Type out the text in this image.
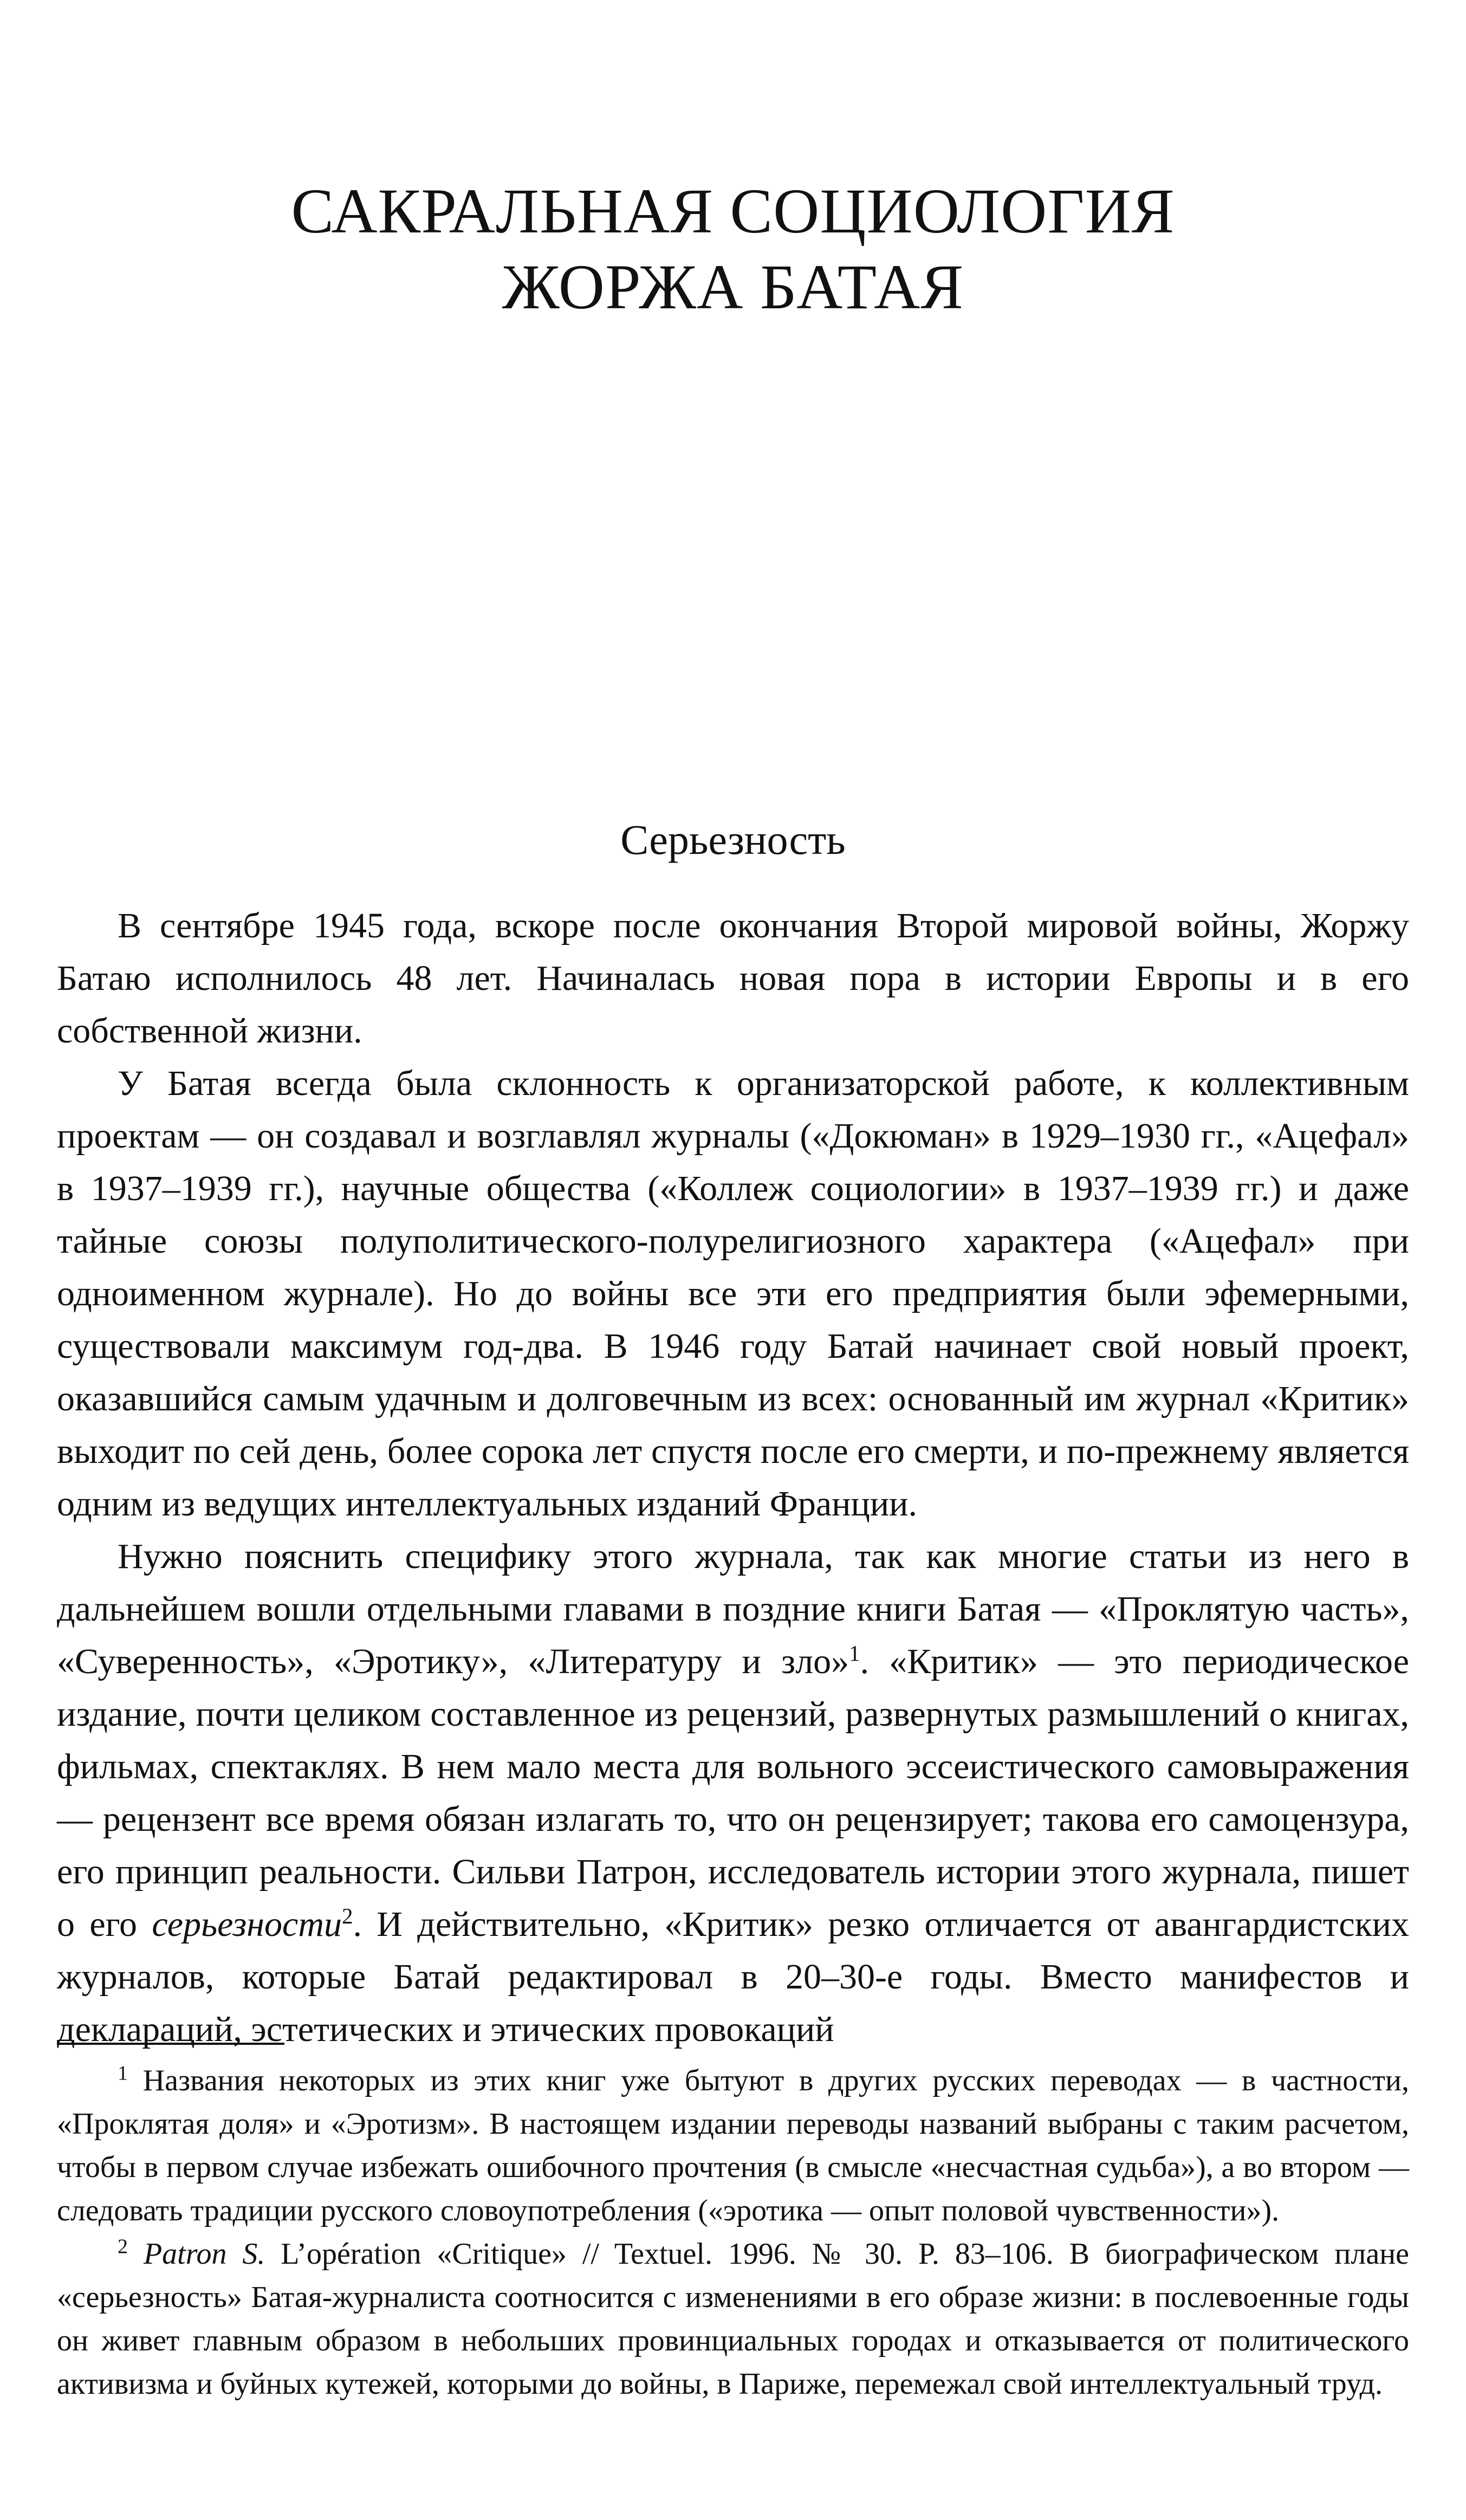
САКРАЛЬНАЯ СОЦИОЛОГИЯ
ЖОРЖА БАТАЯ
Серьезность

В сентябре 1945 года, вскоре после окончания Второй мировой войны, Жоржу Батаю исполнилось 48 лет. Начиналась новая пора в истории Европы и в его собственной жизни.

У Батая всегда была склонность к организаторской работе, к коллективным проектам — он создавал и возглавлял журналы («Докюман» в 1929–1930 гг., «Ацефал» в 1937–1939 гг.), научные общества («Коллеж социологии» в 1937–1939 гг.) и даже тайные союзы полуполитического-полурелигиозного характера («Ацефал» при одноименном журнале). Но до войны все эти его предприятия были эфемерными, существовали максимум год-два. В 1946 году Батай начинает свой новый проект, оказавшийся самым удачным и долговечным из всех: основанный им журнал «Критик» выходит по сей день, более сорока лет спустя после его смерти, и по-прежнему является одним из ведущих интеллектуальных изданий Франции.

Нужно пояснить специфику этого журнала, так как многие статьи из него в дальнейшем вошли отдельными главами в поздние книги Батая — «Проклятую часть», «Суверенность», «Эротику», «Литературу и зло»$^1$. «Критик» — это периодическое издание, почти целиком составленное из рецензий, развернутых размышлений о книгах, фильмах, спектаклях. В нем мало места для вольного эссеистического самовыражения — рецензент все время обязан излагать то, что он рецензирует; такова его самоцензура, его принцип реальности. Сильви Патрон, исследователь истории этого журнала, пишет о его серьезности$^2$. И действительно, «Критик» резко отличается от авангардистских журналов, которые Батай редактировал в 20–30-е годы. Вместо манифестов и деклараций, эстетических и этических провокаций

$^1$ Названия некоторых из этих книг уже бытуют в других русских переводах — в частности, «Проклятая доля» и «Эротизм». В настоящем издании переводы названий выбраны с таким расчетом, чтобы в первом случае избежать ошибочного прочтения (в смысле «несчастная судьба»), а во втором — следовать традиции русского словоупотребления («эротика — опыт половой чувственности»).

$^2$ Patron S. L’opération «Critique» // Textuel. 1996. № 30. P. 83–106. В биографическом плане «серьезность» Батая-журналиста соотносится с изменениями в его образе жизни: в послевоенные годы он живет главным образом в небольших провинциальных городах и отказывается от политического активизма и буйных кутежей, которыми до войны, в Париже, перемежал свой интеллектуальный труд.
